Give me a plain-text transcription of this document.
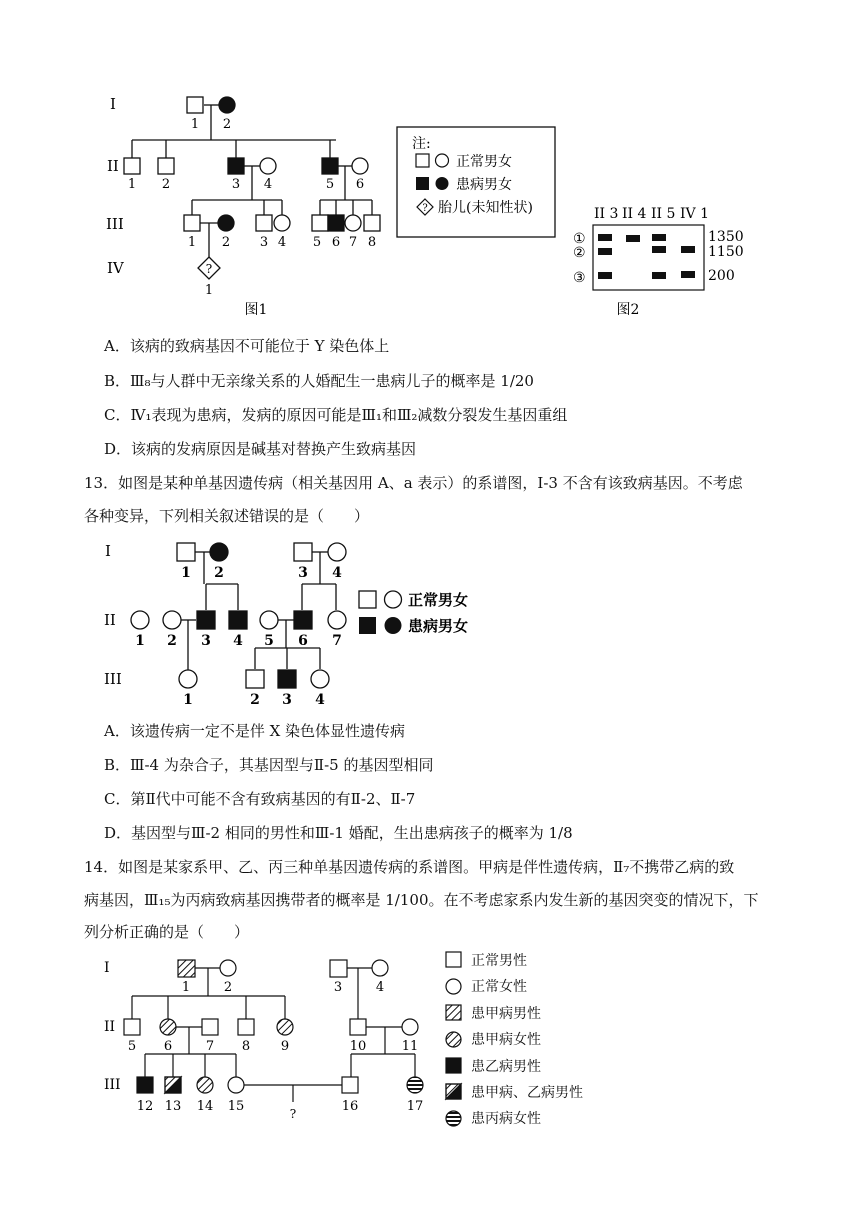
?
I
II
III
IV
1 2
1 2	3 4	5 6
1 2 3 4 5 6 7 8
1
图1
注:
正常男女
患病男女
? 胎儿(未知性状)	II 3 II 4 II 5 IV 1
①
②
③
1350
1150
200
图2
I
II
III
1 2	3 4
1 2 3 4 5 6 7
1	2 3 4
正常男女
患病男女
?
I
II
III
1	2	3	4
5 6	7 8 9	10	11
12 13 14 15	16	17
正常男性
正常女性
患甲病男性
患甲病女性
患乙病男性
患甲病、乙病男性
患丙病女性
A．该病的致病基因不可能位于 Y 染色体上
B．Ⅲ₈与人群中无亲缘关系的人婚配生一患病儿子的概率是 1/20
C．Ⅳ₁表现为患病，发病的原因可能是Ⅲ₁和Ⅲ₂减数分裂发生基因重组
D．该病的发病原因是碱基对替换产生致病基因
13．如图是某种单基因遗传病（相关基因用 A、a 表示）的系谱图，Ⅰ-3 不含有该致病基因。不考虑
各种变异，下列相关叙述错误的是（　　）
A．该遗传病一定不是伴 X 染色体显性遗传病
B．Ⅲ-4 为杂合子，其基因型与Ⅱ-5 的基因型相同
C．第Ⅱ代中可能不含有致病基因的有Ⅱ-2、Ⅱ-7
D．基因型与Ⅲ-2 相同的男性和Ⅲ-1 婚配，生出患病孩子的概率为 1/8
14．如图是某家系甲、乙、丙三种单基因遗传病的系谱图。甲病是伴性遗传病，Ⅱ₇不携带乙病的致
病基因，Ⅲ₁₅为丙病致病基因携带者的概率是 1/100。在不考虑家系内发生新的基因突变的情况下，下
列分析正确的是（　　）
